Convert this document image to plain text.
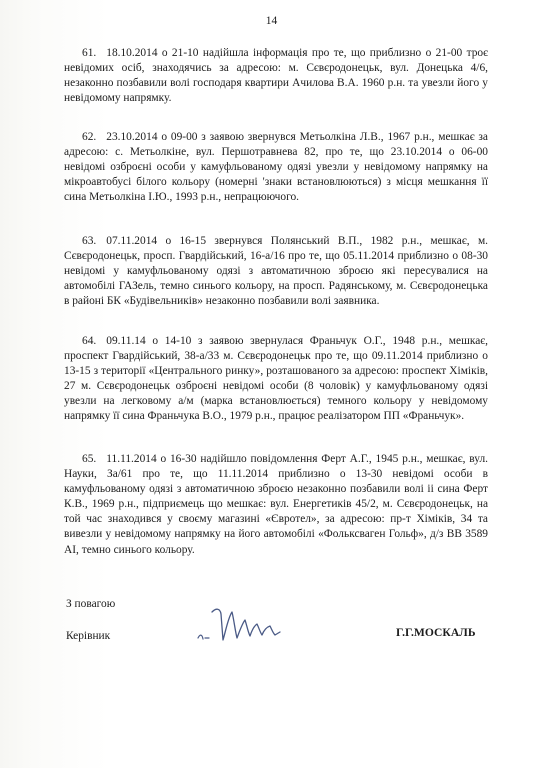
14

61. 18.10.2014 о 21-10 надійшла інформація про те, що приблизно о 21-00 троє невідомих осіб, знаходячись за адресою: м. Сєвєродонецьк, вул. Донецька 4/6, незаконно позбавили волі господаря квартири Ачилова В.А. 1960 р.н. та увезли його у невідомому напрямку.

62. 23.10.2014 о 09-00 з заявою звернувся Метьолкіна Л.В., 1967 р.н., мешкає за адресою: с. Метьолкіне, вул. Першотравнева 82, про те, що 23.10.2014 о 06-00 невідомі озброєні особи у камуфльованому одязі увезли у невідомому напрямку на мікроавтобусі білого кольору (номерні 'знаки встановлюються) з місця мешкання її сина Метьолкіна І.Ю., 1993 р.н., непрацюючого.

63. 07.11.2014 о 16-15 звернувся Полянський В.П., 1982 р.н., мешкає, м. Сєвєродонецьк, просп. Гвардійський, 16-а/16 про те, що 05.11.2014 приблизно о 08-30 невідомі у камуфльованому одязі з автоматичною зброєю які пересувалися на автомобілі ГАЗель, темно синього кольору, на просп. Радянському, м. Сєвєродонецька в районі БК «Будівельників» незаконно позбавили волі заявника.

64. 09.11.14 о 14-10 з заявою звернулася Франьчук О.Г., 1948 р.н., мешкає, проспект Гвардійський, 38-а/33 м. Сєвєродонецьк про те, що 09.11.2014 приблизно о 13-15 з території «Центрального ринку», розташованого за адресою: проспект Хіміків, 27 м. Сєвєродонецьк озброєні невідомі особи (8 чоловік) у камуфльованому одязі увезли на легковому а/м (марка встановлюється) темного кольору у невідомому напрямку її сина Франьчука В.О., 1979 р.н., працює реалізатором ПП «Франьчук».

65. 11.11.2014 о 16-30 надійшло повідомлення Ферт А.Г., 1945 р.н., мешкає, вул. Науки, За/61 про те, що 11.11.2014 приблизно о 13-30 невідомі особи в камуфльованому одязі з автоматичною зброєю незаконно позбавили волі ii сина Ферт К.В., 1969 р.н., підприємець що мешкає: вул. Енергетиків 45/2, м. Сєвєродонецьк, на той час знаходився у своєму магазині «Євротел», за адресою: пр-т Хіміків, 34 та вивезли у невідомому напрямку на його автомобілі «Фольксваген Гольф», д/з ВВ 3589 АІ, темно синього кольору.

З повагою
Керівник	Г.Г.МОСКАЛЬ
